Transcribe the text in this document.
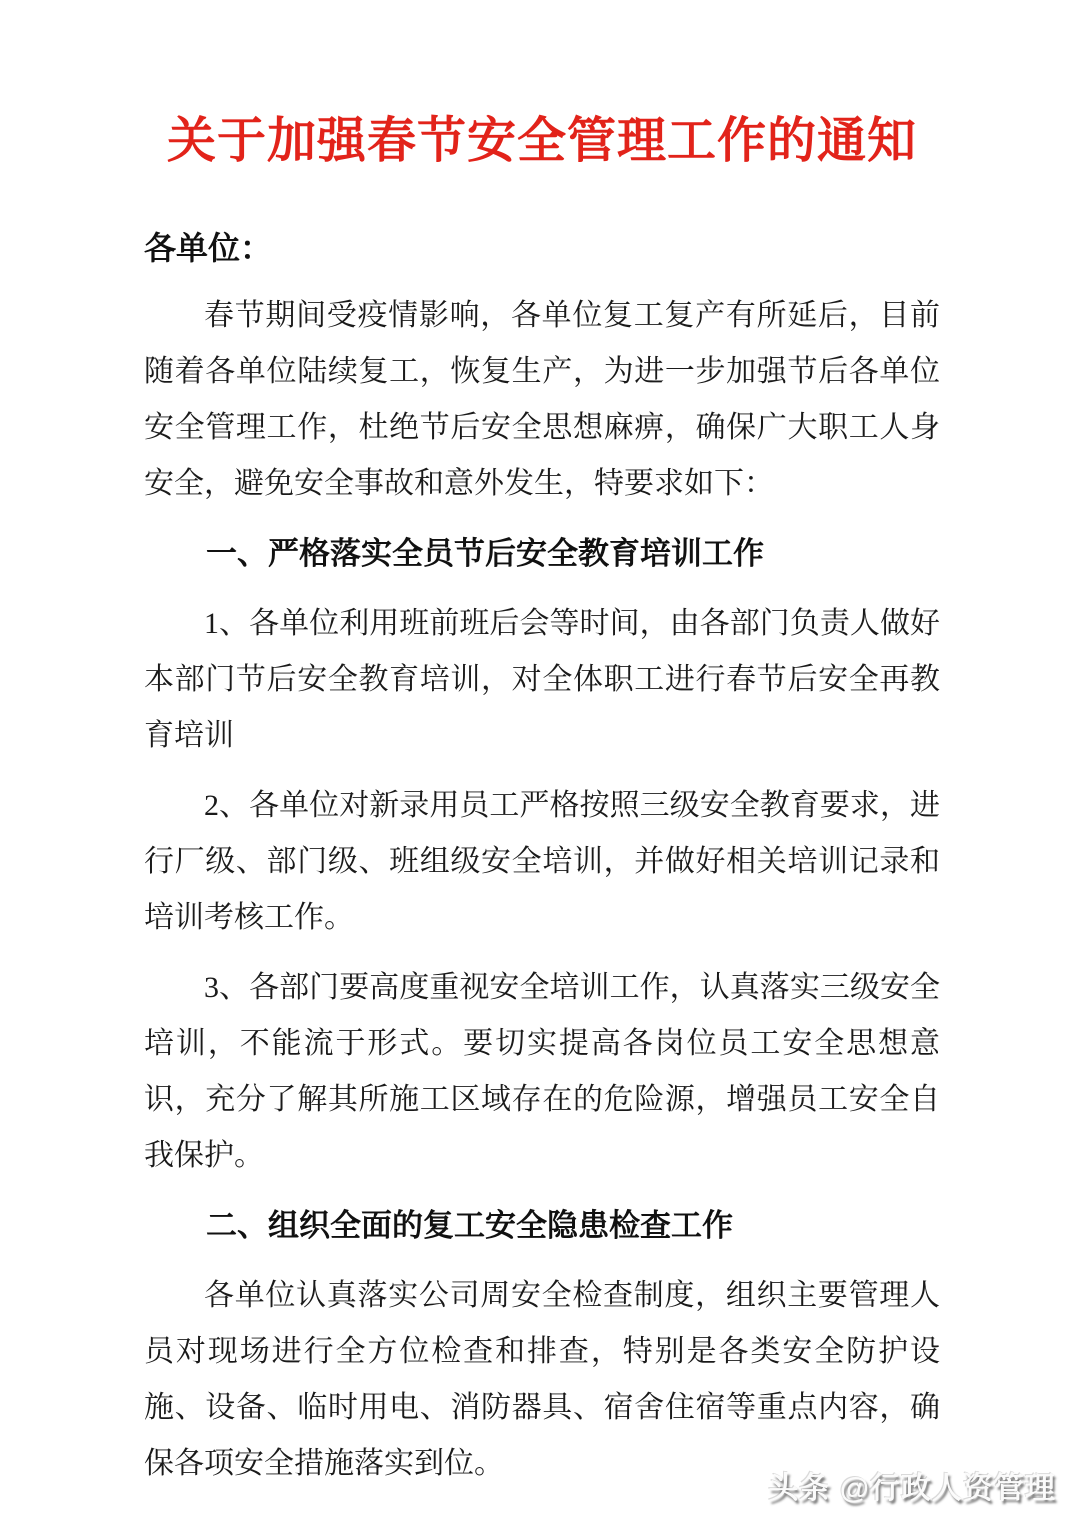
关于加强春节安全管理工作的通知

各单位：

春节期间受疫情影响，各单位复工复产有所延后，目前随着各单位陆续复工，恢复生产，为进一步加强节后各单位安全管理工作，杜绝节后安全思想麻痹，确保广大职工人身安全，避免安全事故和意外发生，特要求如下：

一、严格落实全员节后安全教育培训工作

1、各单位利用班前班后会等时间，由各部门负责人做好本部门节后安全教育培训，对全体职工进行春节后安全再教育培训

2、各单位对新录用员工严格按照三级安全教育要求，进行厂级、部门级、班组级安全培训，并做好相关培训记录和培训考核工作。

3、各部门要高度重视安全培训工作，认真落实三级安全培训，不能流于形式。要切实提高各岗位员工安全思想意识，充分了解其所施工区域存在的危险源，增强员工安全自我保护。

二、组织全面的复工安全隐患检查工作

各单位认真落实公司周安全检查制度，组织主要管理人员对现场进行全方位检查和排查，特别是各类安全防护设施、设备、临时用电、消防器具、宿舍住宿等重点内容，确保各项安全措施落实到位。

头条 @行政人资管理
